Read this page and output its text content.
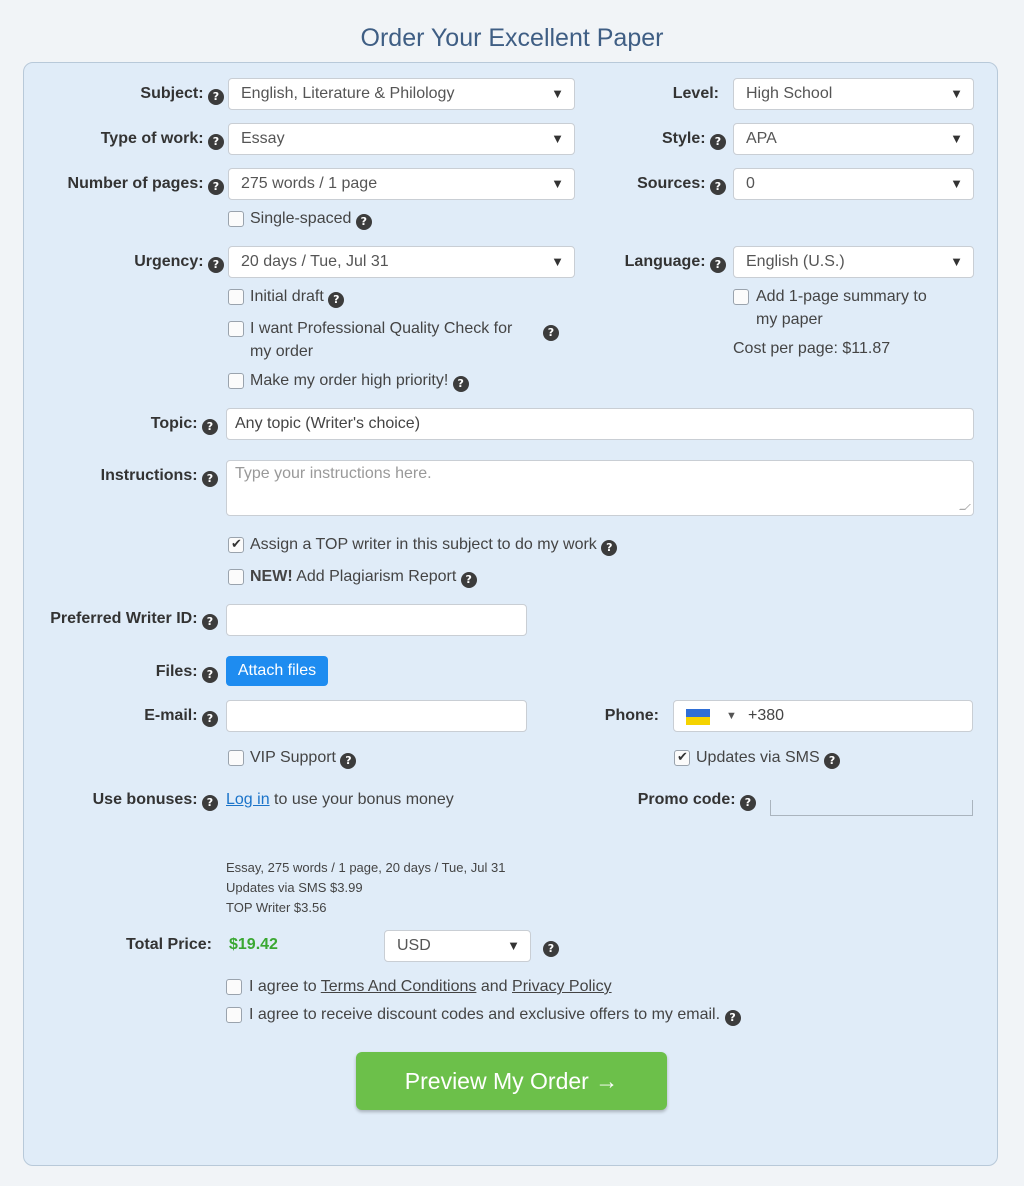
Order Your Excellent Paper
Subject: ?	English, Literature & Philology	▼	Level:	High School	▼
Type of work: ?	Essay	▼	Style: ?	APA	▼
Number of pages: ?	275 words / 1 page	▼	Sources: ?	0	▼
Single-spaced ?
Urgency: ?	20 days / Tue, Jul 31	▼	Language: ?	English (U.S.)	▼
Initial draft ?
I want Professional Quality Check for	?
my order
Make my order high priority! ?
Add 1-page summary to
my paper
Cost per page: $11.87
Topic: ?	Any topic (Writer's choice)
Instructions: ?	Type your instructions here.
✔
Assign a TOP writer in this subject to do my work ?
NEW! Add Plagiarism Report ?
Preferred Writer ID: ?
Files: ?	Attach files
E-mail: ?	Phone:	▼ +380
VIP Support ?
✔	Updates via SMS ?
Use bonuses: ? Log in to use your bonus money	Promo code: ?
Essay, 275 words / 1 page, 20 days / Tue, Jul 31
Updates via SMS $3.99
TOP Writer $3.56
Total Price: $19.42	USD	▼	?
I agree to Terms And Conditions and Privacy Policy
I agree to receive discount codes and exclusive offers to my email. ?
Preview My Order →
